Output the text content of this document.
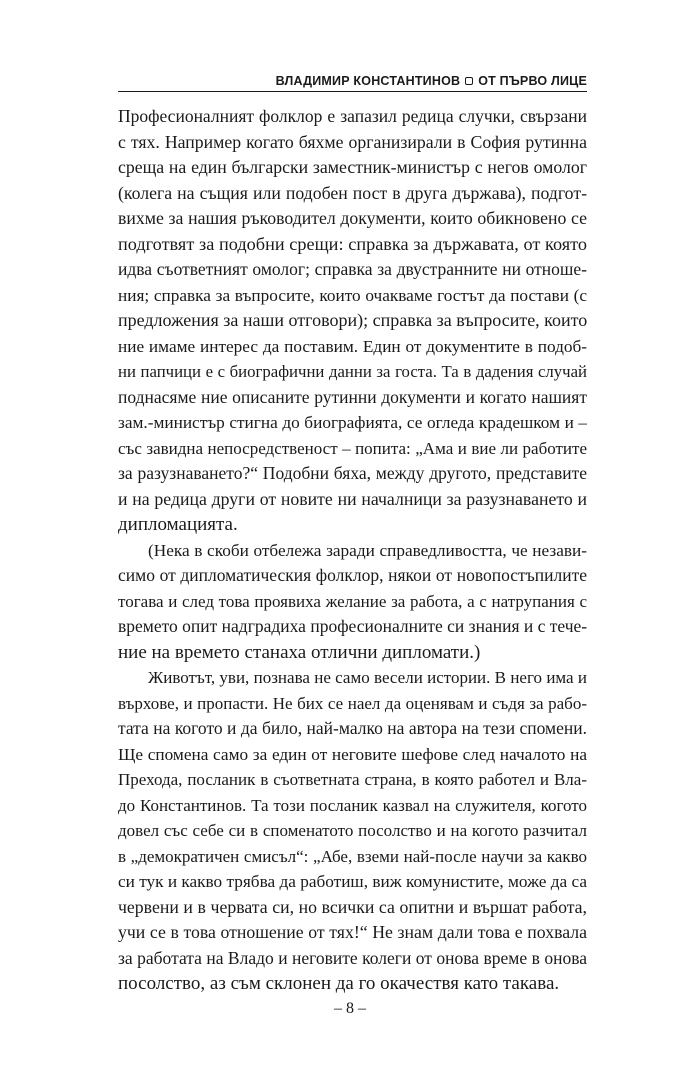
ВЛАДИМИР КОНСТАНТИНОВ ОТ ПЪРВО ЛИЦЕ
Професионалният фолклор е запазил редица случки, свързани
с тях. Например когато бяхме организирали в София рутинна
среща на един български заместник-министър с негов омолог
(колега на същия или подобен пост в друга държава), подгот-
вихме за нашия ръководител документи, които обикновено се
подготвят за подобни срещи: справка за държавата, от която
идва съответният омолог; справка за двустранните ни отноше-
ния; справка за въпросите, които очакваме гостът да постави (с
предложения за наши отговори); справка за въпросите, които
ние имаме интерес да поставим. Един от документите в подоб-
ни папчици е с биографични данни за госта. Та в дадения случай
поднасяме ние описаните рутинни документи и когато нашият
зам.-министър стигна до биографията, се огледа крадешком и –
със завидна непосредственост – попита: „Ама и вие ли работите
за разузнаването?“ Подобни бяха, между другото, представите
и на редица други от новите ни началници за разузнаването и
дипломацията.
(Нека в скоби отбележа заради справедливостта, че незави-
симо от дипломатическия фолклор, някои от новопостъпилите
тогава и след това проявиха желание за работа, а с натрупания с
времето опит надградиха професионалните си знания и с тече-
ние на времето станаха отлични дипломати.)
Животът, уви, познава не само весели истории. В него има и
върхове, и пропасти. Не бих се наел да оценявам и съдя за рабо-
тата на когото и да било, най-малко на автора на тези спомени.
Ще спомена само за един от неговите шефове след началото на
Прехода, посланик в съответната страна, в която работел и Вла-
до Константинов. Та този посланик казвал на служителя, когото
довел със себе си в споменатото посолство и на когото разчитал
в „демократичен смисъл“: „Абе, вземи най-после научи за какво
си тук и какво трябва да работиш, виж комунистите, може да са
червени и в червата си, но всички са опитни и вършат работа,
учи се в това отношение от тях!“ Не знам дали това е похвала
за работата на Владо и неговите колеги от онова време в онова
посолство, аз съм склонен да го окачествя като такава.
– 8 –
